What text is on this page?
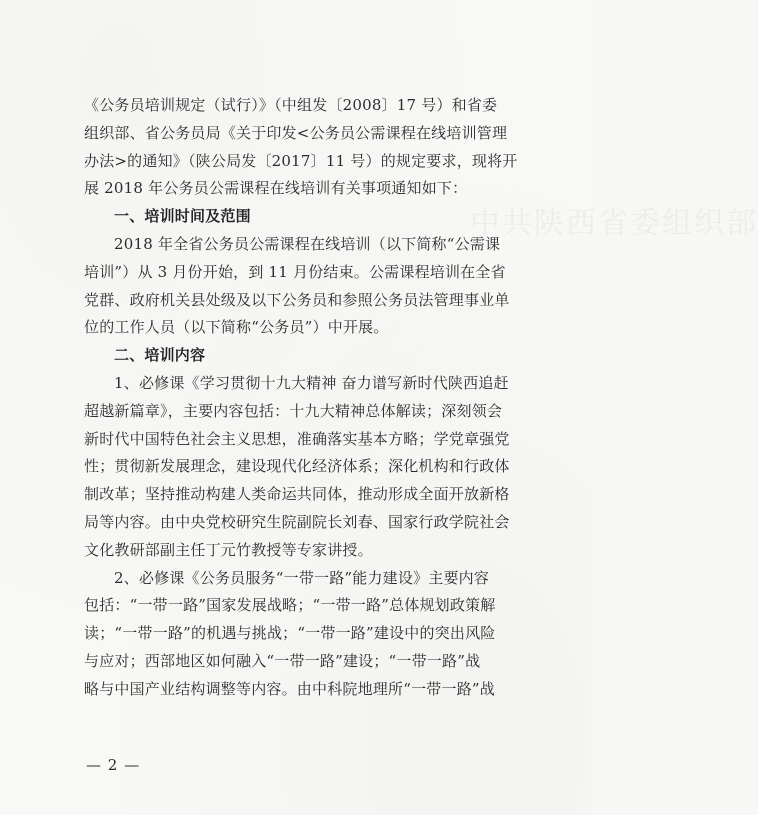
中共陕西省委组织部
《公务员培训规定（试行）》（中组发〔2008〕17 号）和省委
组织部、省公务员局《关于印发<公务员公需课程在线培训管理
办法>的通知》（陕公局发〔2017〕11 号）的规定要求，现将开
展 2018 年公务员公需课程在线培训有关事项通知如下：
一、培训时间及范围
2018 年全省公务员公需课程在线培训（以下简称“公需课
培训”）从 3 月份开始，到 11 月份结束。公需课程培训在全省
党群、政府机关县处级及以下公务员和参照公务员法管理事业单
位的工作人员（以下简称“公务员”）中开展。
二、培训内容
1、必修课《学习贯彻十九大精神 奋力谱写新时代陕西追赶
超越新篇章》，主要内容包括：十九大精神总体解读；深刻领会
新时代中国特色社会主义思想，准确落实基本方略；学党章强党
性；贯彻新发展理念，建设现代化经济体系；深化机构和行政体
制改革；坚持推动构建人类命运共同体，推动形成全面开放新格
局等内容。由中央党校研究生院副院长刘春、国家行政学院社会
文化教研部副主任丁元竹教授等专家讲授。
2、必修课《公务员服务“一带一路”能力建设》主要内容
包括：“一带一路”国家发展战略；“一带一路”总体规划政策解
读；“一带一路”的机遇与挑战；“一带一路”建设中的突出风险
与应对；西部地区如何融入“一带一路”建设；“一带一路”战
略与中国产业结构调整等内容。由中科院地理所“一带一路”战
— 2 —
